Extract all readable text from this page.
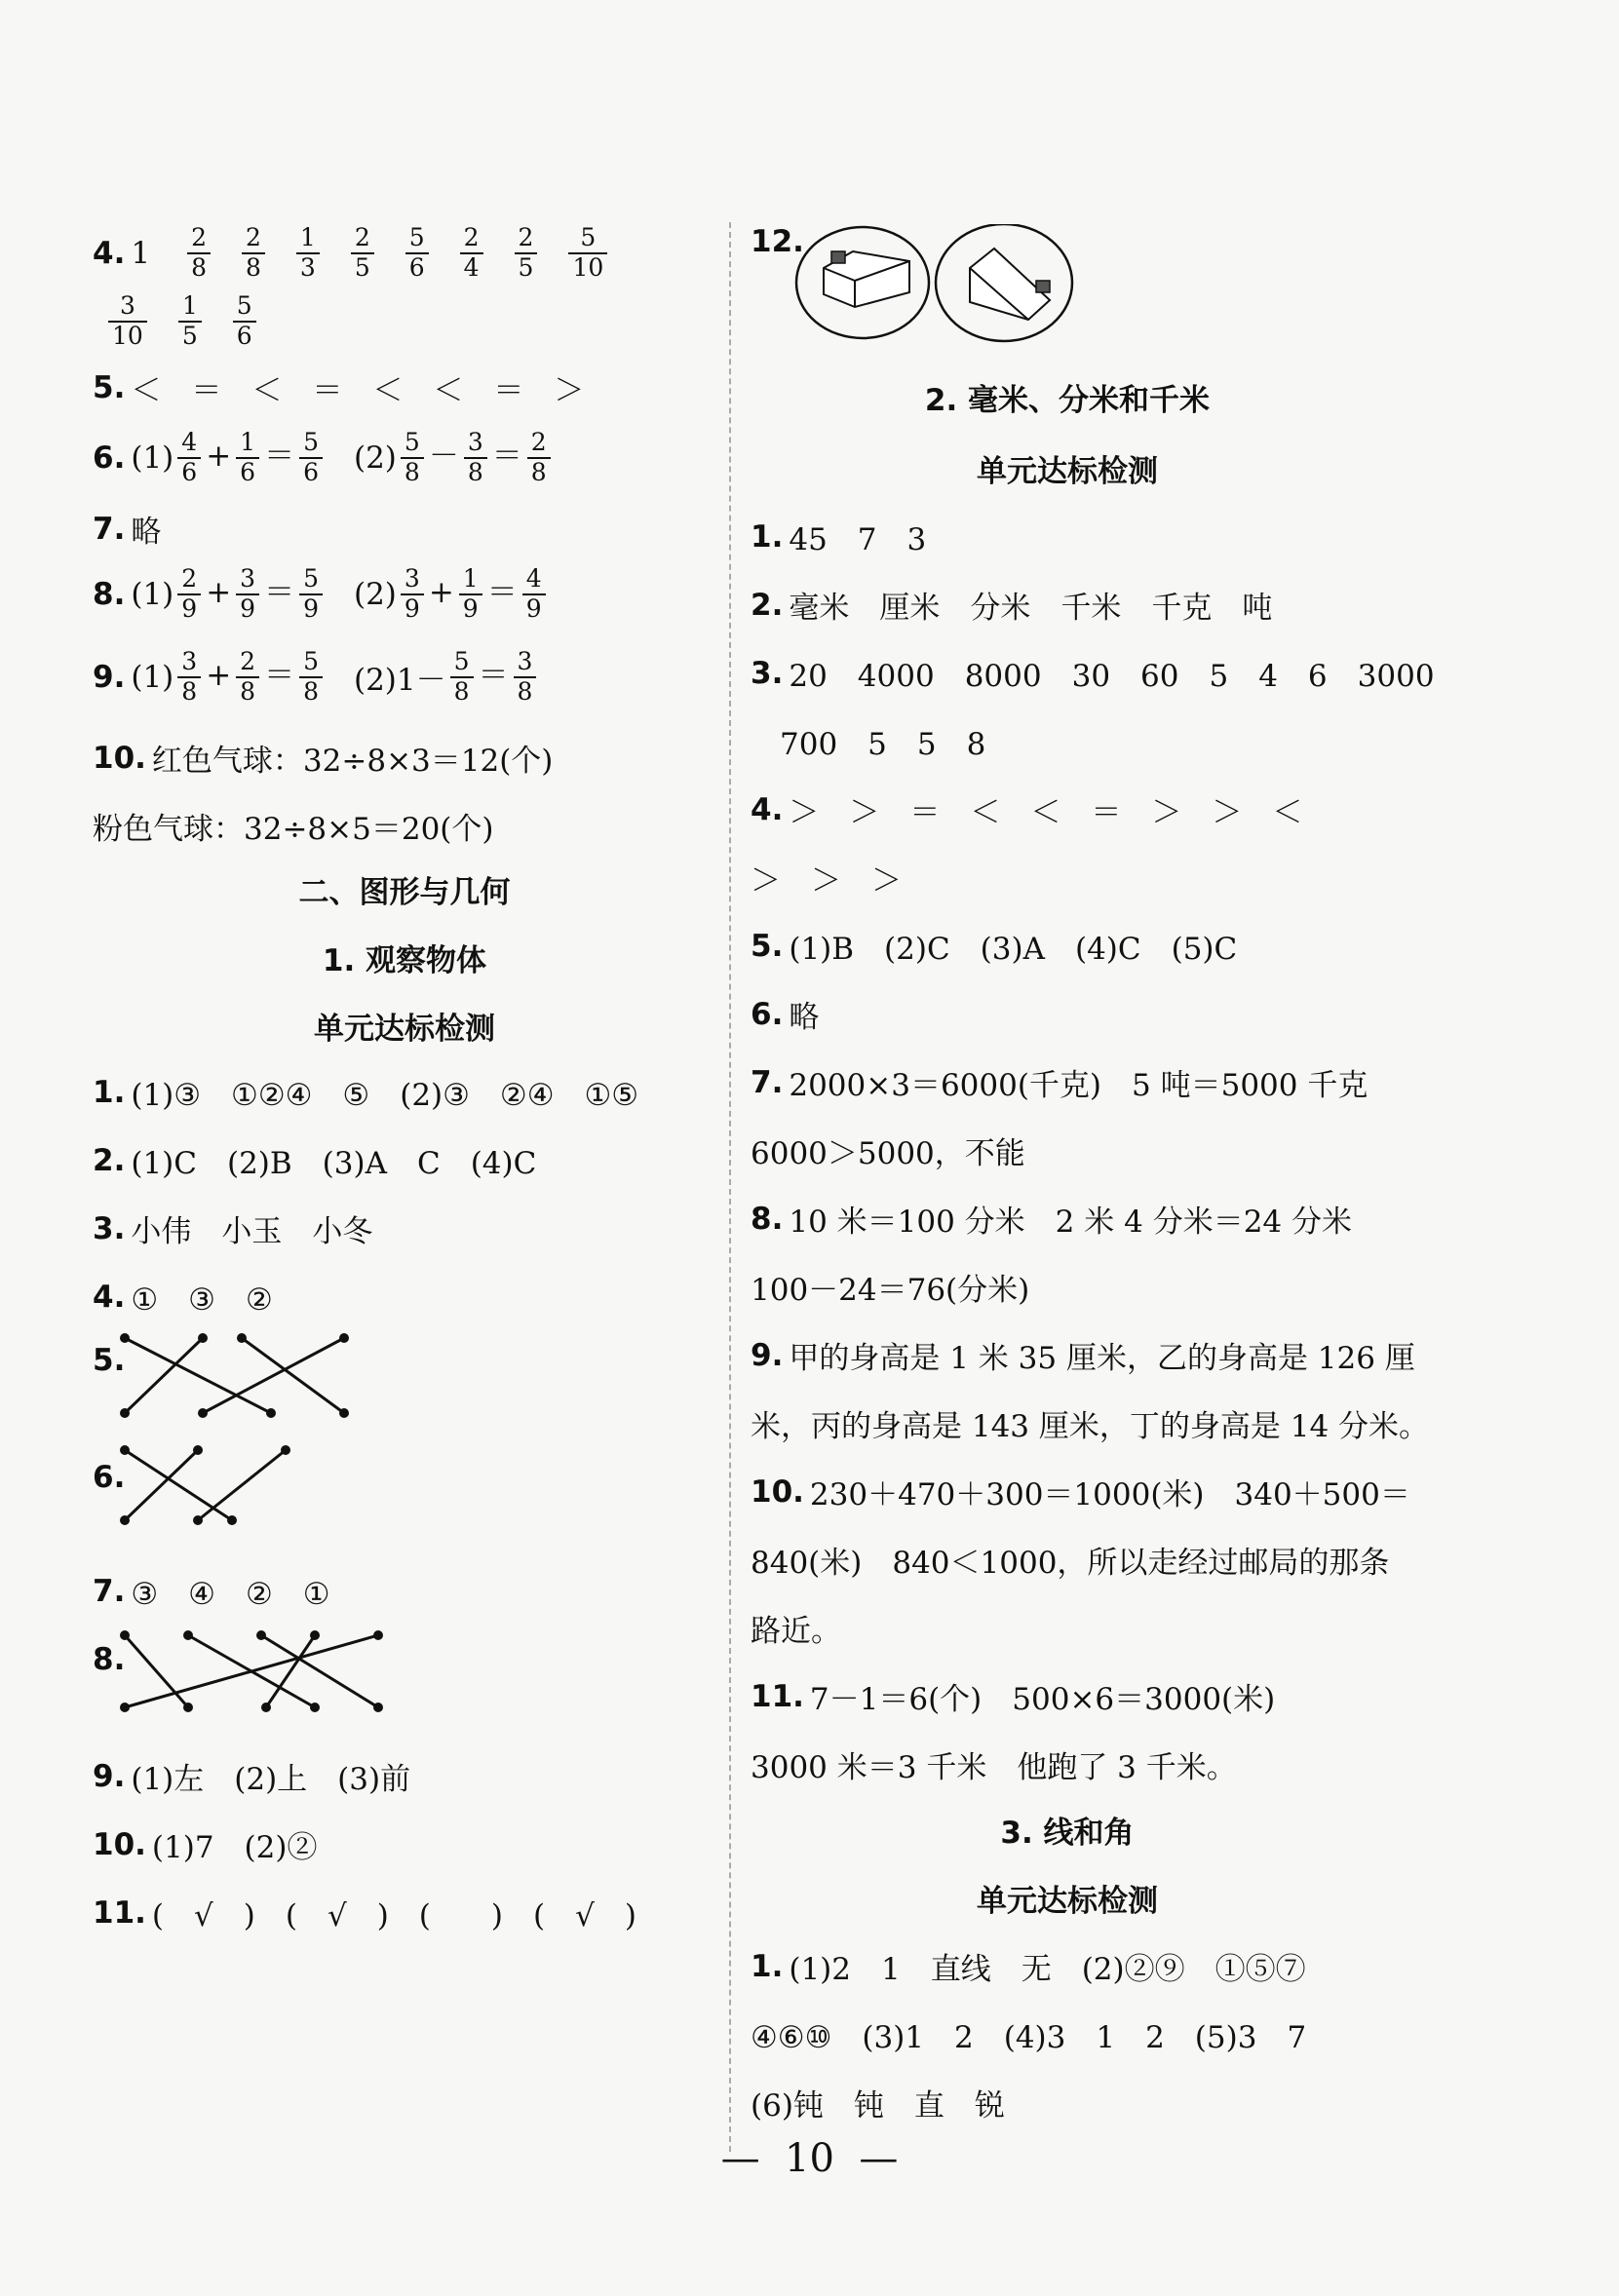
4. $1 \frac{2}{8} \frac{2}{8} \frac{1}{3} \frac{2}{5} \frac{5}{6} \frac{2}{4} \frac{2}{5} \frac{5}{10}$
$\frac{3}{10} \frac{1}{5} \frac{5}{6}$
5. ＜　＝　＜　＝　＜　＜　＝　＞
6. $(1) \frac{4}{6} + \frac{1}{6} = \frac{5}{6} (2) \frac{5}{8} - \frac{3}{8} = \frac{2}{8}$
7. 略
8. $(1) \frac{2}{9} + \frac{3}{9} = \frac{5}{9} (2) \frac{3}{9} + \frac{1}{9} = \frac{4}{9}$
9. $(1) \frac{3}{8} + \frac{2}{8} = \frac{5}{8} (2)1- \frac{5}{8} = \frac{3}{8}$
10. 红色气球：32÷8×3＝12(个)
粉色气球：32÷8×5＝20(个)
二、图形与几何
1. 观察物体
单元达标检测
1. (1)③　①②④　⑤　(2)③　②④　①⑤
2. (1)C　(2)B　(3)A　C　(4)C
3. 小伟　小玉　小冬
4. ①　③　②
5.
6.
7. ③　④　②　①
8.
9. (1)左　(2)上　(3)前
10. (1)7　(2)②
11. (　√　)　(　√　)　(　　)　(　√　)
12.
2. 毫米、分米和千米
单元达标检测
1. 45　7　3
2. 毫米　厘米　分米　千米　千克　吨
3. 20　4000　8000　30　60　5　4　6　3000
700　5　5　8
4. ＞　＞　＝　＜　＜　＝　＞　＞　＜
＞　＞　＞
5. (1)B　(2)C　(3)A　(4)C　(5)C
6. 略
7. 2000×3＝6000(千克)　5 吨＝5000 千克
6000＞5000，不能
8. 10 米＝100 分米　2 米 4 分米＝24 分米
100－24＝76(分米)
9. 甲的身高是 1 米 35 厘米，乙的身高是 126 厘
米，丙的身高是 143 厘米，丁的身高是 14 分米。
10. 230＋470＋300＝1000(米)　340＋500＝
840(米)　840＜1000，所以走经过邮局的那条
路近。
11. 7－1＝6(个)　500×6＝3000(米)
3000 米＝3 千米　他跑了 3 千米。
3. 线和角
单元达标检测
1. (1)2　1　直线　无　(2)②⑨　①⑤⑦
④⑥⑩　(3)1　2　(4)3　1　2　(5)3　7
(6)钝　钝　直　锐
—  10  —
